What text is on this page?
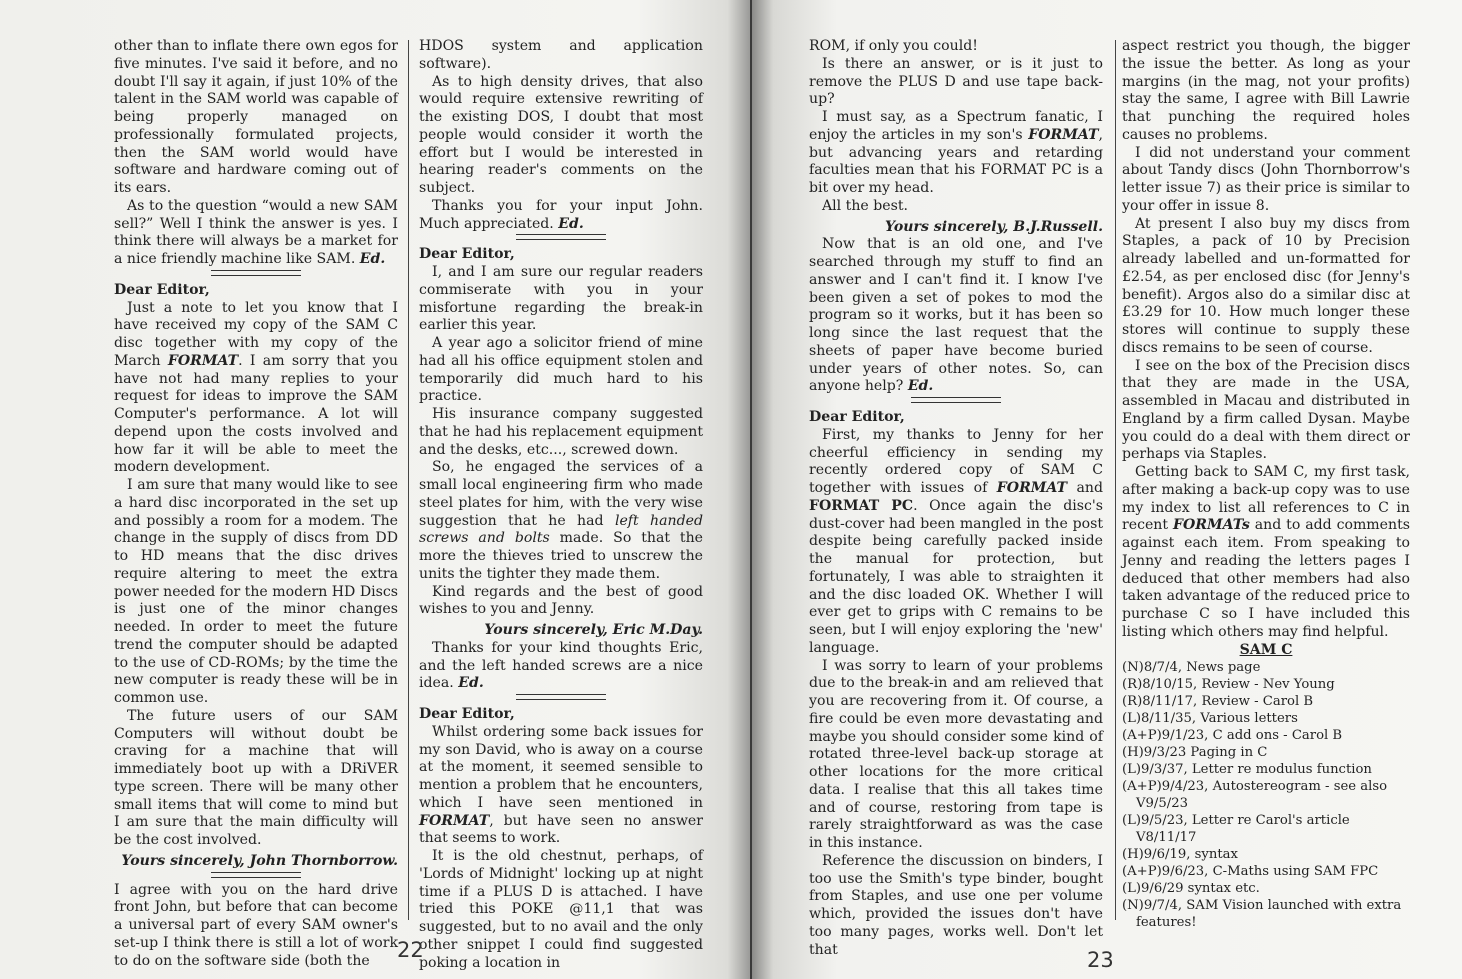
other than to inflate there own egos for five minutes. I've said it before, and no doubt I'll say it again, if just 10% of the talent in the SAM world was capable of being properly managed on professionally formulated projects, then the SAM world would have software and hardware coming out of its ears.

As to the question “would a new SAM sell?” Well I think the answer is yes. I think there will always be a market for a nice friendly machine like SAM. Ed.

Dear Editor,

Just a note to let you know that I have received my copy of the SAM C disc together with my copy of the March FORMAT. I am sorry that you have not had many replies to your request for ideas to improve the SAM Computer's performance. A lot will depend upon the costs involved and how far it will be able to meet the modern development.

I am sure that many would like to see a hard disc incorporated in the set up and possibly a room for a modem. The change in the supply of discs from DD to HD means that the disc drives require altering to meet the extra power needed for the modern HD Discs is just one of the minor changes needed. In order to meet the future trend the computer should be adapted to the use of CD-ROMs; by the time the new computer is ready these will be in common use.

The future users of our SAM Computers will without doubt be craving for a machine that will immediately boot up with a DRiVER type screen. There will be many other small items that will come to mind but I am sure that the main difficulty will be the cost involved.

Yours sincerely, John Thornborrow.

I agree with you on the hard drive front John, but before that can become a universal part of every SAM owner's set-up I think there is still a lot of work to do on the software side (both the

HDOS system and application software).

As to high density drives, that also would require extensive rewriting of the existing DOS, I doubt that most people would consider it worth the effort but I would be interested in hearing reader's comments on the subject.

Thanks you for your input John. Much appreciated. Ed.

Dear Editor,

I, and I am sure our regular readers commiserate with you in your misfortune regarding the break-in earlier this year.

A year ago a solicitor friend of mine had all his office equipment stolen and temporarily did much hard to his practice.

His insurance company suggested that he had his replacement equipment and the desks, etc..., screwed down.

So, he engaged the services of a small local engineering firm who made steel plates for him, with the very wise suggestion that he had left handed screws and bolts made. So that the more the thieves tried to unscrew the units the tighter they made them.

Kind regards and the best of good wishes to you and Jenny.

Yours sincerely, Eric M.Day.

Thanks for your kind thoughts Eric, and the left handed screws are a nice idea. Ed.

Dear Editor,

Whilst ordering some back issues for my son David, who is away on a course at the moment, it seemed sensible to mention a problem that he encounters, which I have seen mentioned in FORMAT, but have seen no answer that seems to work.

It is the old chestnut, perhaps, of 'Lords of Midnight' locking up at night time if a PLUS D is attached. I have tried this POKE @11,1 that was suggested, but to no avail and the only other snippet I could find suggested poking a location in

22

ROM, if only you could!

Is there an answer, or is it just to remove the PLUS D and use tape back-up?

I must say, as a Spectrum fanatic, I enjoy the articles in my son's FORMAT, but advancing years and retarding faculties mean that his FORMAT PC is a bit over my head.

All the best.

Yours sincerely, B.J.Russell.

Now that is an old one, and I've searched through my stuff to find an answer and I can't find it. I know I've been given a set of pokes to mod the program so it works, but it has been so long since the last request that the sheets of paper have become buried under years of other notes. So, can anyone help? Ed.

Dear Editor,

First, my thanks to Jenny for her cheerful efficiency in sending my recently ordered copy of SAM C together with issues of FORMAT and FORMAT PC. Once again the disc's dust-cover had been mangled in the post despite being carefully packed inside the manual for protection, but fortunately, I was able to straighten it and the disc loaded OK. Whether I will ever get to grips with C remains to be seen, but I will enjoy exploring the 'new' language.

I was sorry to learn of your problems due to the break-in and am relieved that you are recovering from it. Of course, a fire could be even more devastating and maybe you should consider some kind of rotated three-level back-up storage at other locations for the more critical data. I realise that this all takes time and of course, restoring from tape is rarely straightforward as was the case in this instance.

Reference the discussion on binders, I too use the Smith's type binder, bought from Staples, and use one per volume which, provided the issues don't have too many pages, works well. Don't let that

aspect restrict you though, the bigger the issue the better. As long as your margins (in the mag, not your profits) stay the same, I agree with Bill Lawrie that punching the required holes causes no problems.

I did not understand your comment about Tandy discs (John Thornborrow's letter issue 7) as their price is similar to your offer in issue 8.

At present I also buy my discs from Staples, a pack of 10 by Precision already labelled and un-formatted for £2.54, as per enclosed disc (for Jenny's benefit). Argos also do a similar disc at £3.29 for 10. How much longer these stores will continue to supply these discs remains to be seen of course.

I see on the box of the Precision discs that they are made in the USA, assembled in Macau and distributed in England by a firm called Dysan. Maybe you could do a deal with them direct or perhaps via Staples.

Getting back to SAM C, my first task, after making a back-up copy was to use my index to list all references to C in recent FORMATs and to add comments against each item. From speaking to Jenny and reading the letters pages I deduced that other members had also taken advantage of the reduced price to purchase C so I have included this listing which others may find helpful.

SAM C

(N)8/7/4, News page

(R)8/10/15, Review - Nev Young

(R)8/11/17, Review - Carol B

(L)8/11/35, Various letters

(A+P)9/1/23, C add ons - Carol B

(H)9/3/23 Paging in C

(L)9/3/37, Letter re modulus function

(A+P)9/4/23, Autostereogram - see also V9/5/23

(L)9/5/23, Letter re Carol's article V8/11/17

(H)9/6/19, syntax

(A+P)9/6/23, C-Maths using SAM FPC

(L)9/6/29 syntax etc.

(N)9/7/4, SAM Vision launched with extra features!

23
